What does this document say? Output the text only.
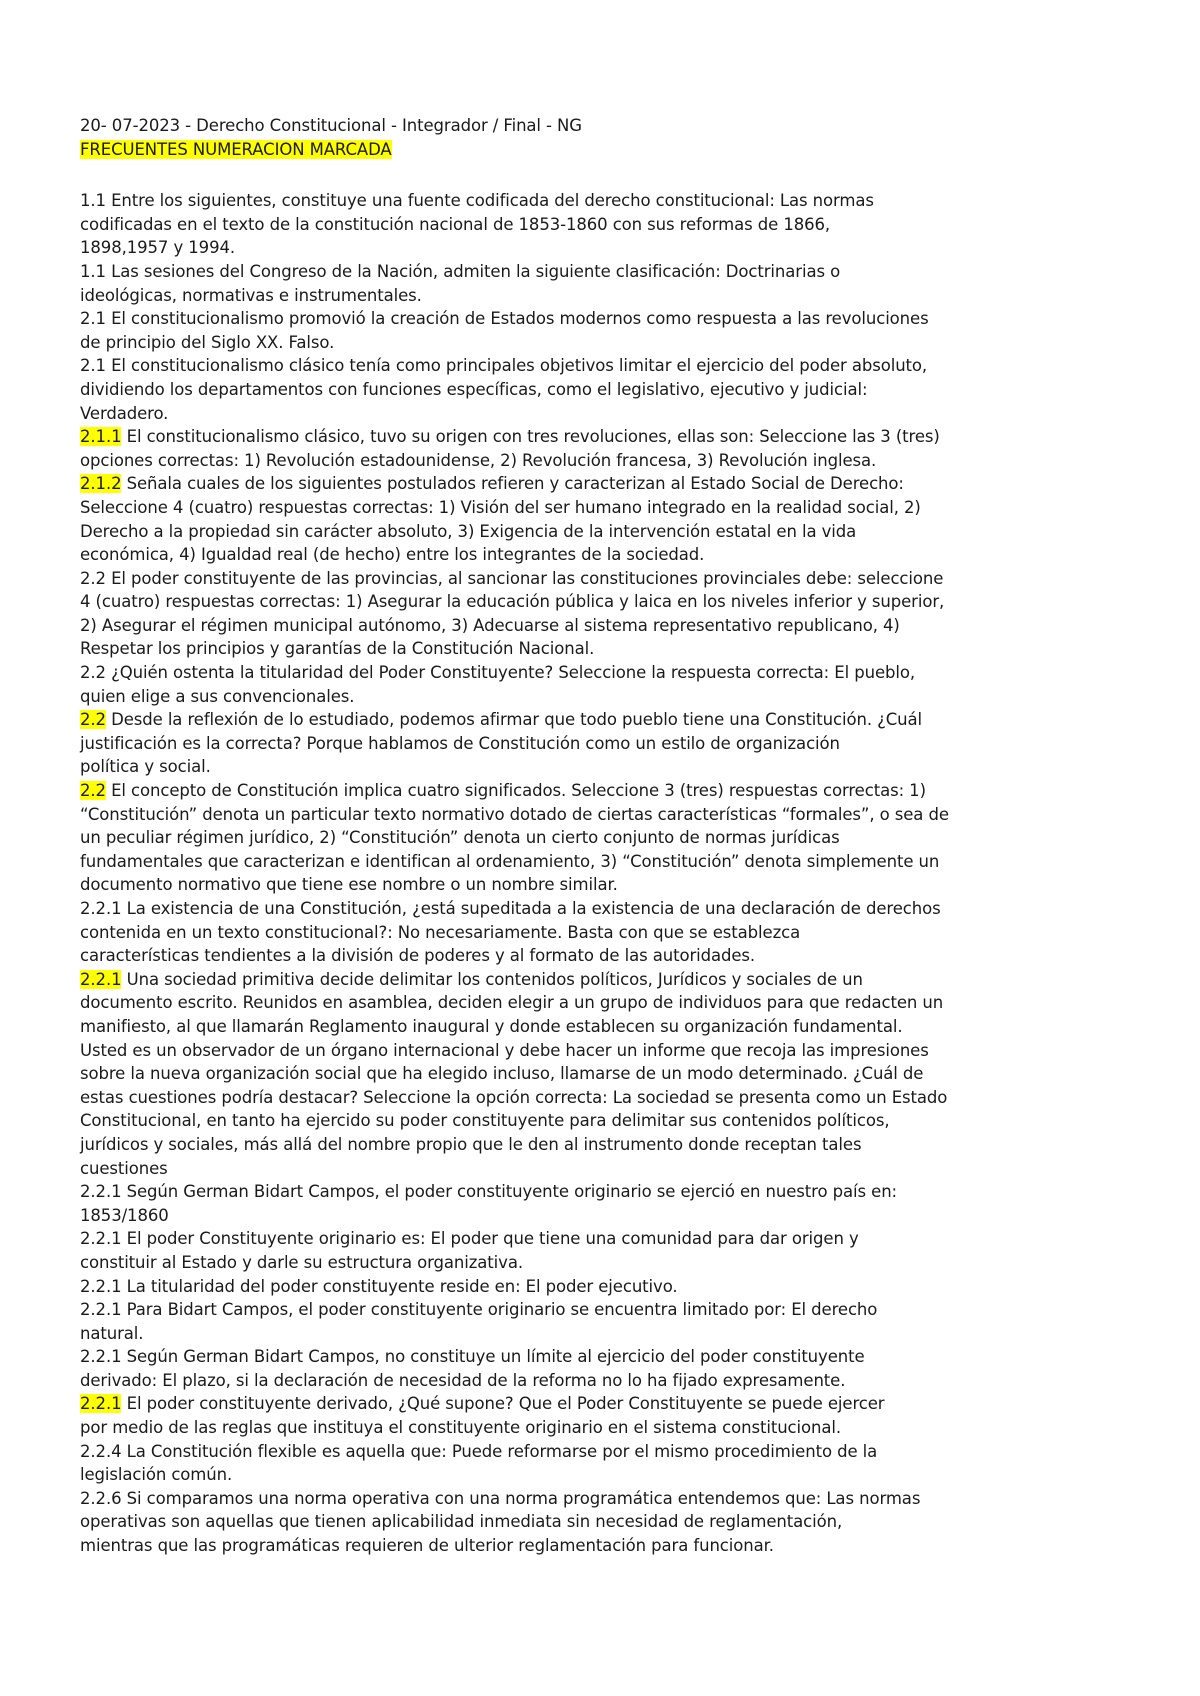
20- 07-2023 - Derecho Constitucional - Integrador / Final - NG
FRECUENTES NUMERACION MARCADA
1.1 Entre los siguientes, constituye una fuente codificada del derecho constitucional: Las normas
codificadas en el texto de la constitución nacional de 1853-1860 con sus reformas de 1866,
1898,1957 y 1994.
1.1 Las sesiones del Congreso de la Nación, admiten la siguiente clasificación: Doctrinarias o
ideológicas, normativas e instrumentales.
2.1 El constitucionalismo promovió la creación de Estados modernos como respuesta a las revoluciones
de principio del Siglo XX. Falso.
2.1 El constitucionalismo clásico tenía como principales objetivos limitar el ejercicio del poder absoluto,
dividiendo los departamentos con funciones específicas, como el legislativo, ejecutivo y judicial:
Verdadero.
2.1.1 El constitucionalismo clásico, tuvo su origen con tres revoluciones, ellas son: Seleccione las 3 (tres)
opciones correctas: 1) Revolución estadounidense, 2) Revolución francesa, 3) Revolución inglesa.
2.1.2 Señala cuales de los siguientes postulados refieren y caracterizan al Estado Social de Derecho:
Seleccione 4 (cuatro) respuestas correctas: 1) Visión del ser humano integrado en la realidad social, 2)
Derecho a la propiedad sin carácter absoluto, 3) Exigencia de la intervención estatal en la vida
económica, 4) Igualdad real (de hecho) entre los integrantes de la sociedad.
2.2 El poder constituyente de las provincias, al sancionar las constituciones provinciales debe: seleccione
4 (cuatro) respuestas correctas: 1) Asegurar la educación pública y laica en los niveles inferior y superior,
2) Asegurar el régimen municipal autónomo, 3) Adecuarse al sistema representativo republicano, 4)
Respetar los principios y garantías de la Constitución Nacional.
2.2 ¿Quién ostenta la titularidad del Poder Constituyente? Seleccione la respuesta correcta: El pueblo,
quien elige a sus convencionales.
2.2 Desde la reflexión de lo estudiado, podemos afirmar que todo pueblo tiene una Constitución. ¿Cuál
justificación es la correcta? Porque hablamos de Constitución como un estilo de organización
política y social.
2.2 El concepto de Constitución implica cuatro significados. Seleccione 3 (tres) respuestas correctas: 1)
“Constitución” denota un particular texto normativo dotado de ciertas características “formales”, o sea de
un peculiar régimen jurídico, 2) “Constitución” denota un cierto conjunto de normas jurídicas
fundamentales que caracterizan e identifican al ordenamiento, 3) “Constitución” denota simplemente un
documento normativo que tiene ese nombre o un nombre similar.
2.2.1 La existencia de una Constitución, ¿está supeditada a la existencia de una declaración de derechos
contenida en un texto constitucional?: No necesariamente. Basta con que se establezca
características tendientes a la división de poderes y al formato de las autoridades.
2.2.1 Una sociedad primitiva decide delimitar los contenidos políticos, Jurídicos y sociales de un
documento escrito. Reunidos en asamblea, deciden elegir a un grupo de individuos para que redacten un
manifiesto, al que llamarán Reglamento inaugural y donde establecen su organización fundamental.
Usted es un observador de un órgano internacional y debe hacer un informe que recoja las impresiones
sobre la nueva organización social que ha elegido incluso, llamarse de un modo determinado. ¿Cuál de
estas cuestiones podría destacar? Seleccione la opción correcta: La sociedad se presenta como un Estado
Constitucional, en tanto ha ejercido su poder constituyente para delimitar sus contenidos políticos,
jurídicos y sociales, más allá del nombre propio que le den al instrumento donde receptan tales
cuestiones
2.2.1 Según German Bidart Campos, el poder constituyente originario se ejerció en nuestro país en:
1853/1860
2.2.1 El poder Constituyente originario es: El poder que tiene una comunidad para dar origen y
constituir al Estado y darle su estructura organizativa.
2.2.1 La titularidad del poder constituyente reside en: El poder ejecutivo.
2.2.1 Para Bidart Campos, el poder constituyente originario se encuentra limitado por: El derecho
natural.
2.2.1 Según German Bidart Campos, no constituye un límite al ejercicio del poder constituyente
derivado: El plazo, si la declaración de necesidad de la reforma no lo ha fijado expresamente.
2.2.1 El poder constituyente derivado, ¿Qué supone? Que el Poder Constituyente se puede ejercer
por medio de las reglas que instituya el constituyente originario en el sistema constitucional.
2.2.4 La Constitución flexible es aquella que: Puede reformarse por el mismo procedimiento de la
legislación común.
2.2.6 Si comparamos una norma operativa con una norma programática entendemos que: Las normas
operativas son aquellas que tienen aplicabilidad inmediata sin necesidad de reglamentación,
mientras que las programáticas requieren de ulterior reglamentación para funcionar.
